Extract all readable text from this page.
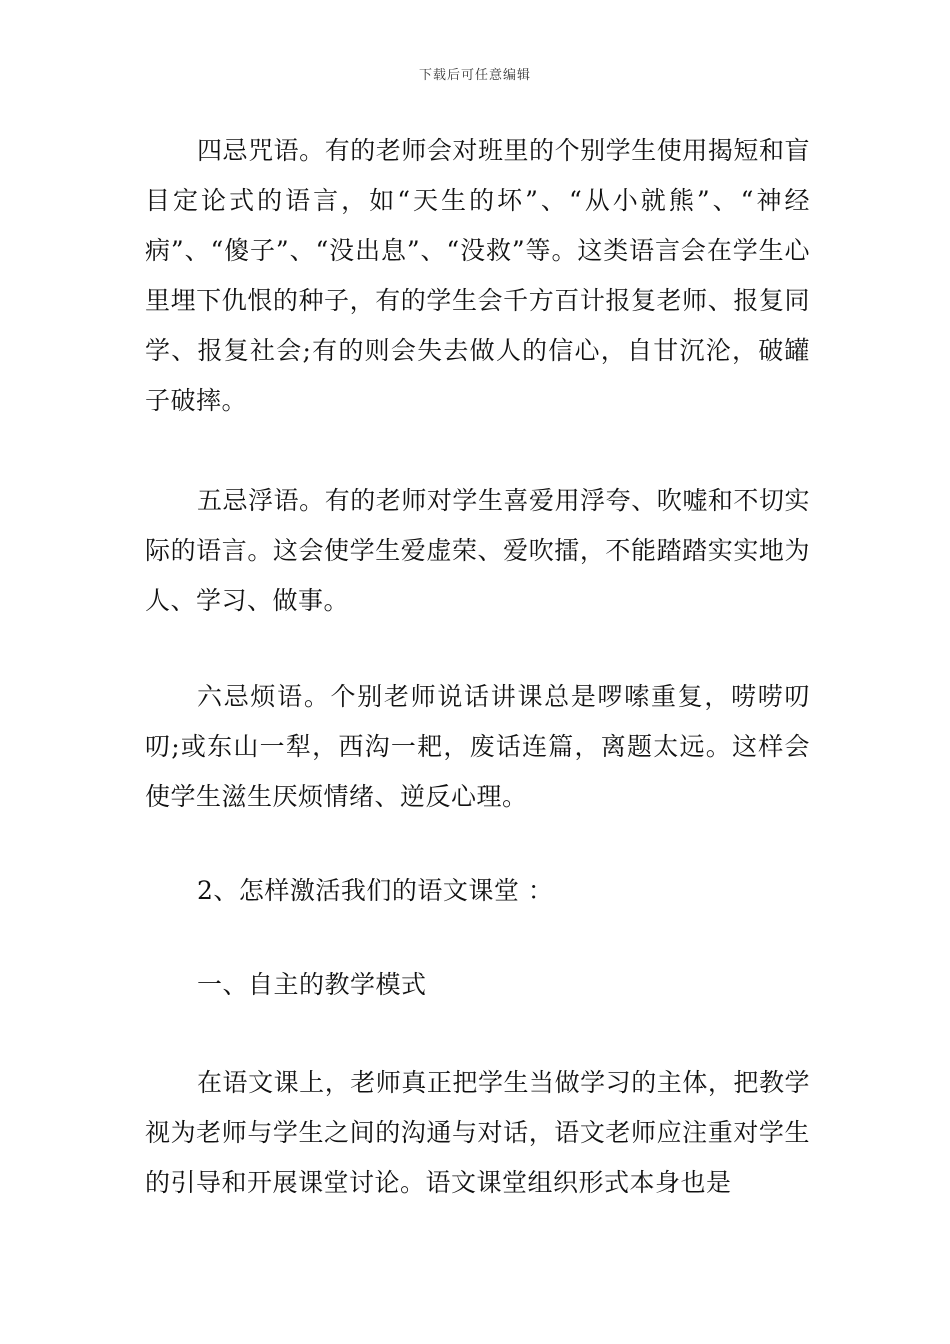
下载后可任意编辑

四忌咒语。有的老师会对班里的个别学生使用揭短和盲目定论式的语言，如“天生的坏”、“从小就熊”、“神经病”、“傻子”、“没出息”、“没救”等。这类语言会在学生心里埋下仇恨的种子，有的学生会千方百计报复老师、报复同学、报复社会;有的则会失去做人的信心，自甘沉沦，破罐子破摔。

五忌浮语。有的老师对学生喜爱用浮夸、吹嘘和不切实际的语言。这会使学生爱虚荣、爱吹擂，不能踏踏实实地为人、学习、做事。

六忌烦语。个别老师说话讲课总是啰嗦重复，唠唠叨叨;或东山一犁，西沟一耙，废话连篇，离题太远。这样会使学生滋生厌烦情绪、逆反心理。

2、怎样激活我们的语文课堂 ：

一、自主的教学模式

在语文课上，老师真正把学生当做学习的主体，把教学视为老师与学生之间的沟通与对话，语文老师应注重对学生的引导和开展课堂讨论。语文课堂组织形式本身也是
